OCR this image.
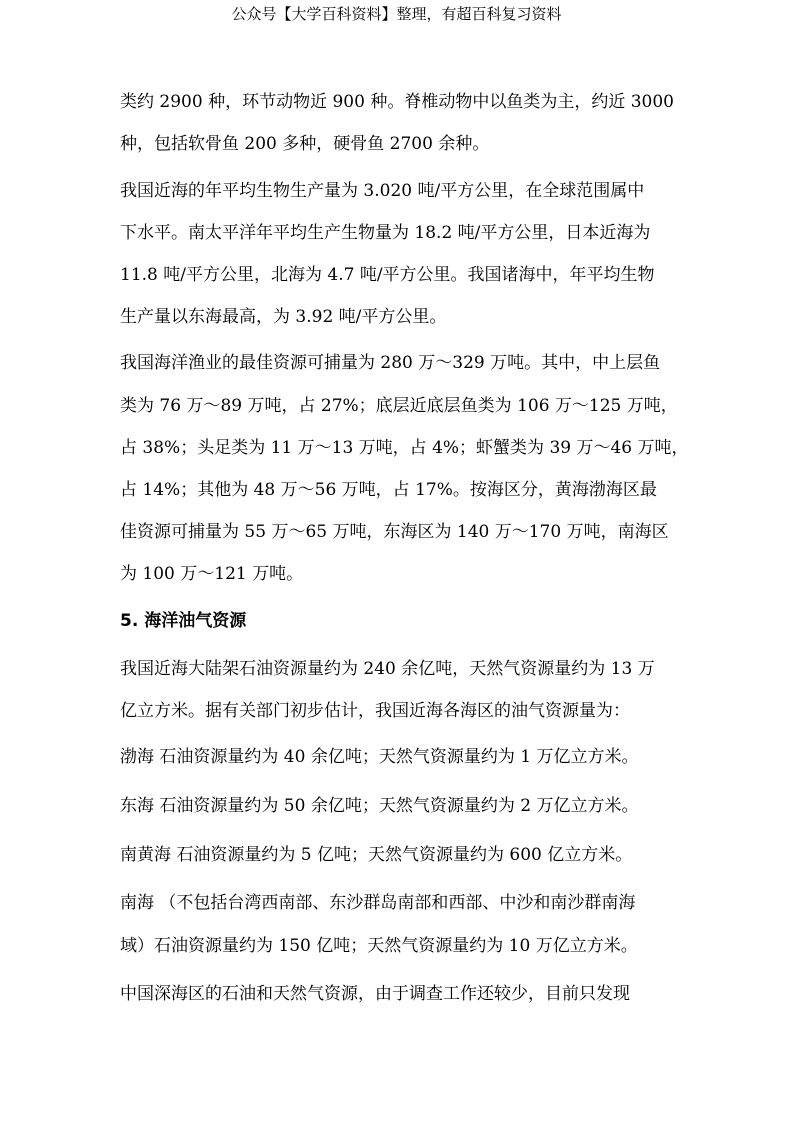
公众号【大学百科资料】整理，有超百科复习资料
类约 2900 种，环节动物近 900 种。脊椎动物中以鱼类为主，约近 3000
种，包括软骨鱼 200 多种，硬骨鱼 2700 余种。
我国近海的年平均生物生产量为 3.020 吨/平方公里，在全球范围属中
下水平。南太平洋年平均生产生物量为 18.2 吨/平方公里，日本近海为
11.8 吨/平方公里，北海为 4.7 吨/平方公里。我国诸海中，年平均生物
生产量以东海最高，为 3.92 吨/平方公里。
我国海洋渔业的最佳资源可捕量为 280 万～329 万吨。其中，中上层鱼
类为 76 万～89 万吨，占 27%；底层近底层鱼类为 106 万～125 万吨，
占 38%；头足类为 11 万～13 万吨，占 4%；虾蟹类为 39 万～46 万吨，
占 14%；其他为 48 万～56 万吨，占 17%。按海区分，黄海渤海区最
佳资源可捕量为 55 万～65 万吨，东海区为 140 万～170 万吨，南海区
为 100 万～121 万吨。
5. 海洋油气资源
我国近海大陆架石油资源量约为 240 余亿吨，天然气资源量约为 13 万
亿立方米。据有关部门初步估计，我国近海各海区的油气资源量为：
渤海 石油资源量约为 40 余亿吨；天然气资源量约为 1 万亿立方米。
东海 石油资源量约为 50 余亿吨；天然气资源量约为 2 万亿立方米。
南黄海 石油资源量约为 5 亿吨；天然气资源量约为 600 亿立方米。
南海 （不包括台湾西南部、东沙群岛南部和西部、中沙和南沙群南海
域）石油资源量约为 150 亿吨；天然气资源量约为 10 万亿立方米。
中国深海区的石油和天然气资源，由于调查工作还较少，目前只发现
